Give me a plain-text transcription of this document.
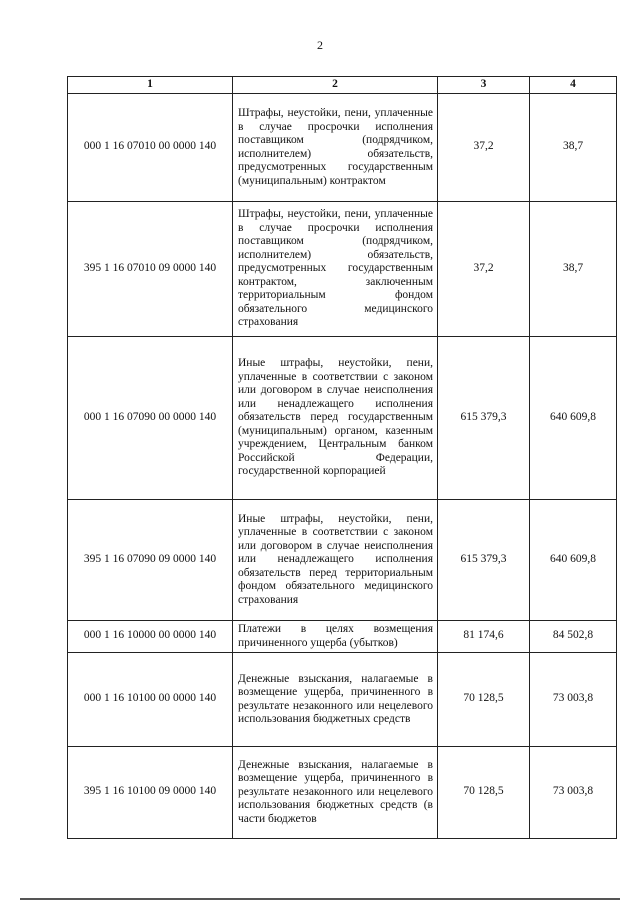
2
1	2	3	4
000 1 16 07010 00 0000 140	Штрафы, неустойки, пени, уплаченные в случае просрочки исполнения поставщиком (подрядчиком, исполнителем) обязательств, предусмотренных государственным (муниципальным) контрактом	37,2	38,7
395 1 16 07010 09 0000 140	Штрафы, неустойки, пени, уплаченные в случае просрочки исполнения поставщиком (подрядчиком, исполнителем) обязательств, предусмотренных государственным контрактом, заключенным территориальным фондом обязательного медицинского страхования	37,2	38,7
000 1 16 07090 00 0000 140	Иные штрафы, неустойки, пени, уплаченные в соответствии с законом или договором в случае неисполнения или ненадлежащего исполнения обязательств перед государственным (муниципальным) органом, казенным учреждением, Центральным банком Российской Федерации, государственной корпорацией	615 379,3	640 609,8
395 1 16 07090 09 0000 140	Иные штрафы, неустойки, пени, уплаченные в соответствии с законом или договором в случае неисполнения или ненадлежащего исполнения обязательств перед территориальным фондом обязательного медицинского страхования	615 379,3	640 609,8
000 1 16 10000 00 0000 140	Платежи в целях возмещения причиненного ущерба (убытков)	81 174,6	84 502,8
000 1 16 10100 00 0000 140	Денежные взыскания, налагаемые в возмещение ущерба, причиненного в результате незаконного или нецелевого использования бюджетных средств	70 128,5	73 003,8
395 1 16 10100 09 0000 140	Денежные взыскания, налагаемые в возмещение ущерба, причиненного в результате незаконного или нецелевого использования бюджетных средств (в части бюджетов	70 128,5	73 003,8
